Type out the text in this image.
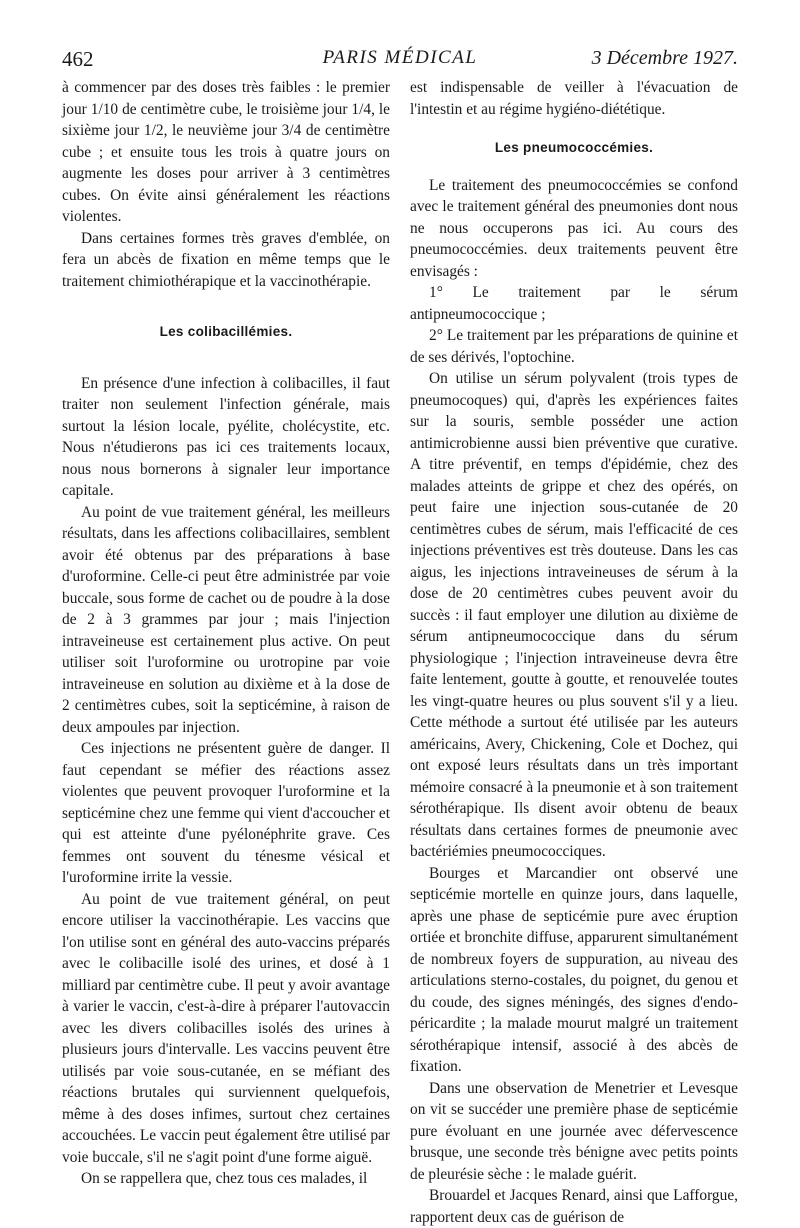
462	PARIS MÉDICAL	3 Décembre 1927.

à commencer par des doses très faibles : le premier jour 1/10 de centimètre cube, le troisième jour 1/4, le sixième jour 1/2, le neuvième jour 3/4 de centimètre cube ; et ensuite tous les trois à quatre jours on augmente les doses pour arriver à 3 centimètres cubes. On évite ainsi généralement les réactions violentes.

Dans certaines formes très graves d'emblée, on fera un abcès de fixation en même temps que le traitement chimiothérapique et la vaccinothérapie.

Les colibacillémies.

En présence d'une infection à colibacilles, il faut traiter non seulement l'infection générale, mais surtout la lésion locale, pyélite, cholécystite, etc. Nous n'étudierons pas ici ces traitements locaux, nous nous bornerons à signaler leur importance capitale.

Au point de vue traitement général, les meilleurs résultats, dans les affections colibacillaires, semblent avoir été obtenus par des préparations à base d'uroformine. Celle-ci peut être administrée par voie buccale, sous forme de cachet ou de poudre à la dose de 2 à 3 grammes par jour ; mais l'injection intraveineuse est certainement plus active. On peut utiliser soit l'uroformine ou urotropine par voie intraveineuse en solution au dixième et à la dose de 2 centimètres cubes, soit la septicémine, à raison de deux ampoules par injection.

Ces injections ne présentent guère de danger. Il faut cependant se méfier des réactions assez violentes que peuvent provoquer l'uroformine et la septicémine chez une femme qui vient d'accoucher et qui est atteinte d'une pyélonéphrite grave. Ces femmes ont souvent du ténesme vésical et l'uroformine irrite la vessie.

Au point de vue traitement général, on peut encore utiliser la vaccinothérapie. Les vaccins que l'on utilise sont en général des auto-vaccins préparés avec le colibacille isolé des urines, et dosé à 1 milliard par centimètre cube. Il peut y avoir avantage à varier le vaccin, c'est-à-dire à préparer l'autovaccin avec les divers colibacilles isolés des urines à plusieurs jours d'intervalle. Les vaccins peuvent être utilisés par voie sous-cutanée, en se méfiant des réactions brutales qui surviennent quelquefois, même à des doses infimes, surtout chez certaines accouchées. Le vaccin peut également être utilisé par voie buccale, s'il ne s'agit point d'une forme aiguë.

On se rappellera que, chez tous ces malades, il

est indispensable de veiller à l'évacuation de l'intestin et au régime hygiéno-diététique.

Les pneumococcémies.

Le traitement des pneumococcémies se confond avec le traitement général des pneumonies dont nous ne nous occuperons pas ici. Au cours des pneumococcémies. deux traitements peuvent être envisagés :

1° Le traitement par le sérum antipneumococcique ;

2° Le traitement par les préparations de quinine et de ses dérivés, l'optochine.

On utilise un sérum polyvalent (trois types de pneumocoques) qui, d'après les expériences faites sur la souris, semble posséder une action antimicrobienne aussi bien préventive que curative. A titre préventif, en temps d'épidémie, chez des malades atteints de grippe et chez des opérés, on peut faire une injection sous-cutanée de 20 centimètres cubes de sérum, mais l'efficacité de ces injections préventives est très douteuse. Dans les cas aigus, les injections intraveineuses de sérum à la dose de 20 centimètres cubes peuvent avoir du succès : il faut employer une dilution au dixième de sérum antipneumococcique dans du sérum physiologique ; l'injection intraveineuse devra être faite lentement, goutte à goutte, et renouvelée toutes les vingt-quatre heures ou plus souvent s'il y a lieu. Cette méthode a surtout été utilisée par les auteurs américains, Avery, Chickening, Cole et Dochez, qui ont exposé leurs résultats dans un très important mémoire consacré à la pneumonie et à son traitement sérothérapique. Ils disent avoir obtenu de beaux résultats dans certaines formes de pneumonie avec bactériémies pneumococciques.

Bourges et Marcandier ont observé une septicémie mortelle en quinze jours, dans laquelle, après une phase de septicémie pure avec éruption ortiée et bronchite diffuse, apparurent simultanément de nombreux foyers de suppuration, au niveau des articulations sterno-costales, du poignet, du genou et du coude, des signes méningés, des signes d'endo-péricardite ; la malade mourut malgré un traitement sérothérapique intensif, associé à des abcès de fixation.

Dans une observation de Menetrier et Levesque on vit se succéder une première phase de septicémie pure évoluant en une journée avec défervescence brusque, une seconde très bénigne avec petits points de pleurésie sèche : le malade guérit.

Brouardel et Jacques Renard, ainsi que Lafforgue, rapportent deux cas de guérison de
